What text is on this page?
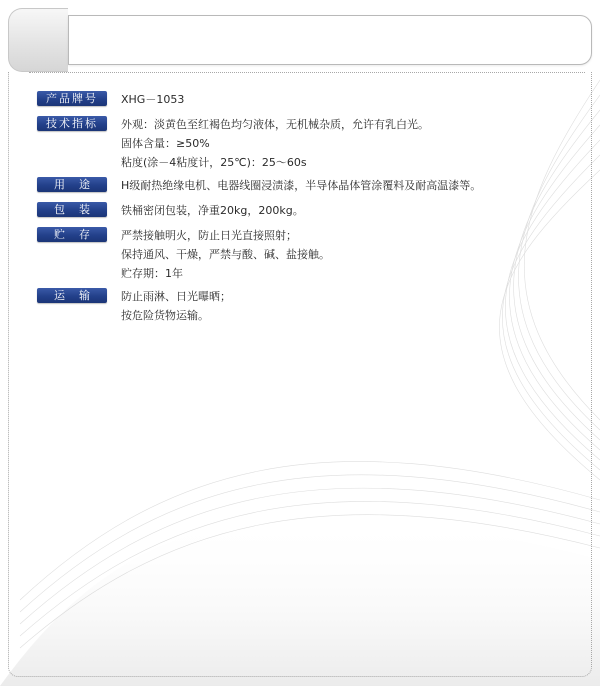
产品牌号	XHG－1053
技术指标	外观：淡黄色至红褐色均匀液体，无机械杂质，允许有乳白光。
固体含量：≥50%
粘度(涂－4粘度计，25℃)：25～60s
用途 H级耐热绝缘电机、电器线圈浸渍漆，半导体晶体管涂覆料及耐高温漆等。
包装 铁桶密闭包装，净重20kg，200kg。
贮存 严禁接触明火，防止日光直接照射；
保持通风、干燥，严禁与酸、碱、盐接触。
贮存期：1年
运输 防止雨淋、日光曝晒；
按危险货物运输。
